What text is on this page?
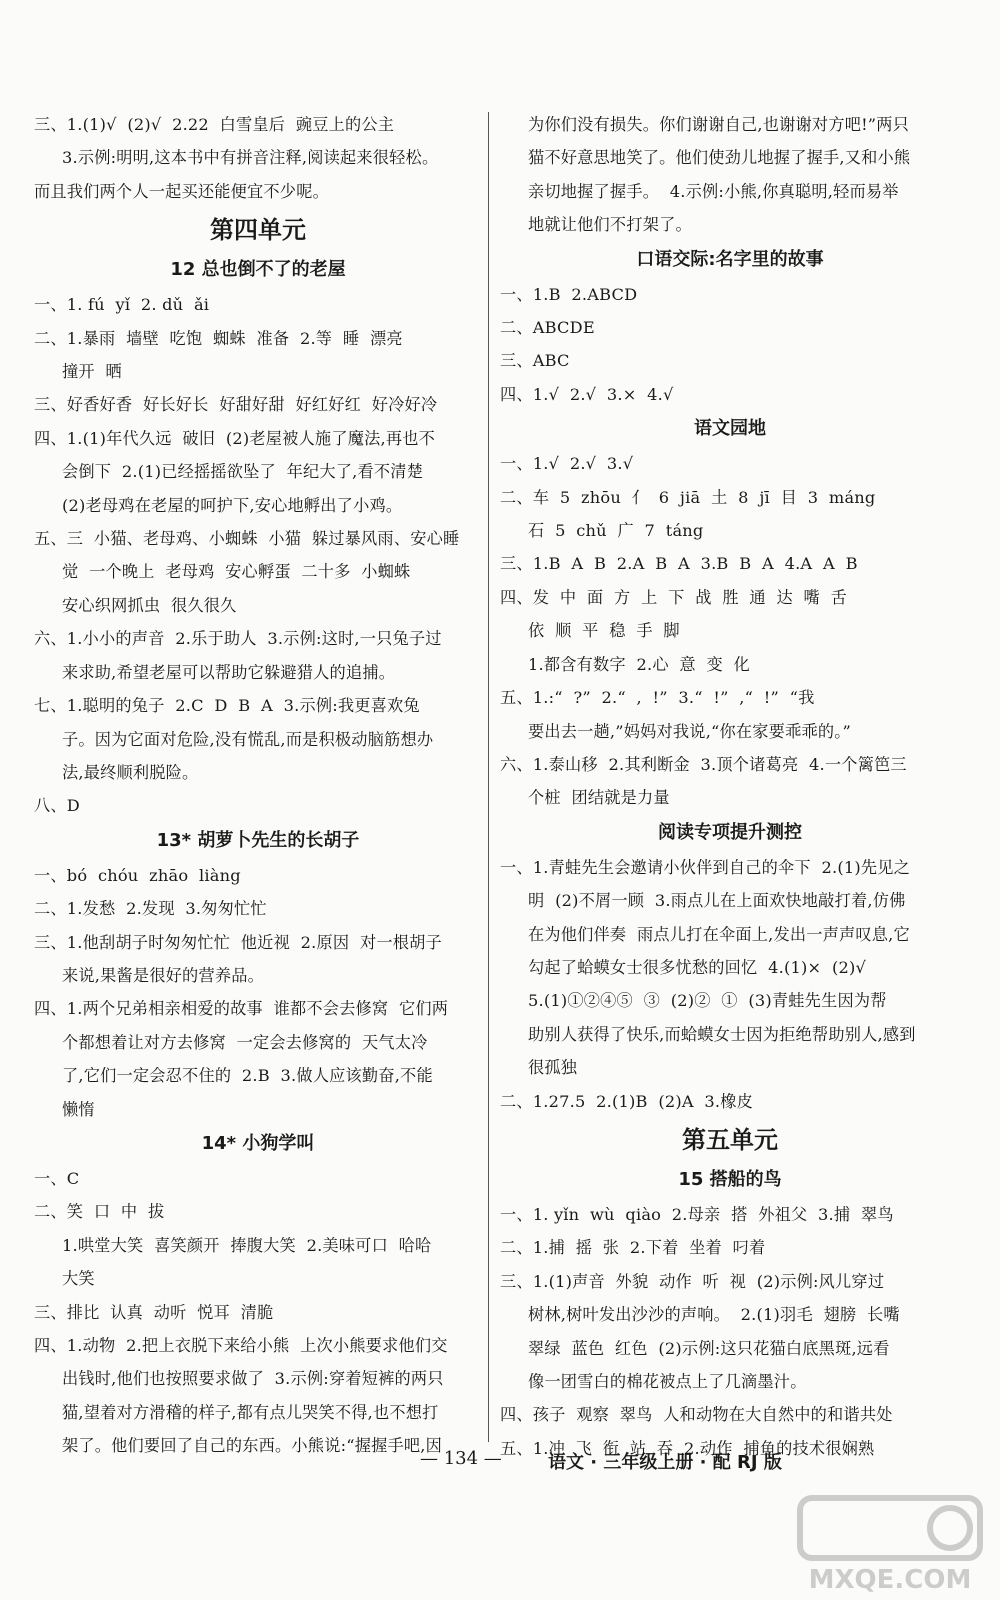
三、1.(1)√  (2)√  2.22  白雪皇后  豌豆上的公主
3.示例:明明,这本书中有拼音注释,阅读起来很轻松。
而且我们两个人一起买还能便宜不少呢。
第四单元
12 总也倒不了的老屋
一、1. fú  yǐ  2. dǔ  ǎi
二、1.暴雨  墙壁  吃饱  蜘蛛  准备  2.等  睡  漂亮
撞开  晒
三、好香好香  好长好长  好甜好甜  好红好红  好冷好冷
四、1.(1)年代久远  破旧  (2)老屋被人施了魔法,再也不
会倒下  2.(1)已经摇摇欲坠了  年纪大了,看不清楚
(2)老母鸡在老屋的呵护下,安心地孵出了小鸡。
五、三  小猫、老母鸡、小蜘蛛  小猫  躲过暴风雨、安心睡
觉  一个晚上  老母鸡  安心孵蛋  二十多  小蜘蛛
安心织网抓虫  很久很久
六、1.小小的声音  2.乐于助人  3.示例:这时,一只兔子过
来求助,希望老屋可以帮助它躲避猎人的追捕。
七、1.聪明的兔子  2.C  D  B  A  3.示例:我更喜欢兔
子。因为它面对危险,没有慌乱,而是积极动脑筋想办
法,最终顺利脱险。
八、D
13* 胡萝卜先生的长胡子
一、bó  chóu  zhāo  liàng
二、1.发愁  2.发现  3.匆匆忙忙
三、1.他刮胡子时匆匆忙忙  他近视  2.原因  对一根胡子
来说,果酱是很好的营养品。
四、1.两个兄弟相亲相爱的故事  谁都不会去修窝  它们两
个都想着让对方去修窝  一定会去修窝的  天气太冷
了,它们一定会忍不住的  2.B  3.做人应该勤奋,不能
懒惰
14* 小狗学叫
一、C
二、笑  口  中  拔
1.哄堂大笑  喜笑颜开  捧腹大笑  2.美味可口  哈哈
大笑
三、排比  认真  动听  悦耳  清脆
四、1.动物  2.把上衣脱下来给小熊  上次小熊要求他们交
出钱时,他们也按照要求做了  3.示例:穿着短裤的两只
猫,望着对方滑稽的样子,都有点儿哭笑不得,也不想打
架了。他们要回了自己的东西。小熊说:“握握手吧,因
为你们没有损失。你们谢谢自己,也谢谢对方吧!”两只
猫不好意思地笑了。他们使劲儿地握了握手,又和小熊
亲切地握了握手。  4.示例:小熊,你真聪明,轻而易举
地就让他们不打架了。
口语交际:名字里的故事
一、1.B  2.ABCD
二、ABCDE
三、ABC
四、1.√  2.√  3.×  4.√
语文园地
一、1.√  2.√  3.√
二、车  5  zhōu  亻  6  jiā  土  8  jī  目  3  máng
石  5  chǔ  广  7  táng
三、1.B  A  B  2.A  B  A  3.B  B  A  4.A  A  B
四、发  中  面  方  上  下  战  胜  通  达  嘴  舌
依  顺  平  稳  手  脚
1.都含有数字  2.心  意  变  化
五、1.:“  ?”  2.“  ,  !”  3.“  !”  ,“  !”  “我
要出去一趟,”妈妈对我说,“你在家要乖乖的。”
六、1.泰山移  2.其利断金  3.顶个诸葛亮  4.一个篱笆三
个桩  团结就是力量
阅读专项提升测控
一、1.青蛙先生会邀请小伙伴到自己的伞下  2.(1)先见之
明  (2)不屑一顾  3.雨点儿在上面欢快地敲打着,仿佛
在为他们伴奏  雨点儿打在伞面上,发出一声声叹息,它
勾起了蛤蟆女士很多忧愁的回忆  4.(1)×  (2)√
5.(1)①②④⑤  ③  (2)②  ①  (3)青蛙先生因为帮
助别人获得了快乐,而蛤蟆女士因为拒绝帮助别人,感到
很孤独
二、1.27.5  2.(1)B  (2)A  3.橡皮
第五单元
15 搭船的鸟
一、1. yǐn  wù  qiào  2.母亲  搭  外祖父  3.捕  翠鸟
二、1.捕  摇  张  2.下着  坐着  叼着
三、1.(1)声音  外貌  动作  听  视  (2)示例:风儿穿过
树林,树叶发出沙沙的声响。  2.(1)羽毛  翅膀  长嘴
翠绿  蓝色  红色  (2)示例:这只花猫白底黑斑,远看
像一团雪白的棉花被点上了几滴墨汁。
四、孩子  观察  翠鸟  人和动物在大自然中的和谐共处
五、1.冲  飞  衔  站  吞  2.动作  捕鱼的技术很娴熟
— 134 —	语文 · 三年级上册 · 配 RJ 版
MXQE.COM
